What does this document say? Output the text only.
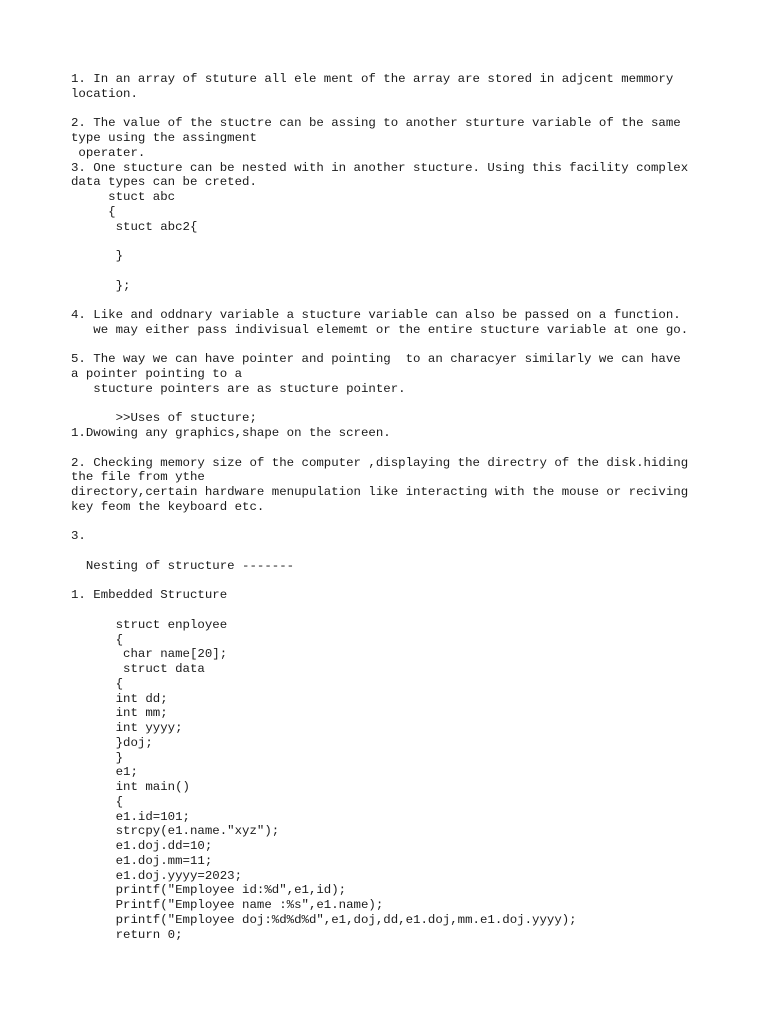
1. In an array of stuture all ele ment of the array are stored in adjcent memmory
location.
2. The value of the stuctre can be assing to another sturture variable of the same
type using the assingment
operater.
3. One stucture can be nested with in another stucture. Using this facility complex
data types can be creted.
stuct abc
{
stuct abc2{
}
};
4. Like and oddnary variable a stucture variable can also be passed on a function.
we may either pass indivisual elememt or the entire stucture variable at one go.
5. The way we can have pointer and pointing  to an characyer similarly we can have
a pointer pointing to a
stucture pointers are as stucture pointer.
>>Uses of stucture;
1.Dwowing any graphics,shape on the screen.
2. Checking memory size of the computer ,displaying the directry of the disk.hiding
the file from ythe
directory,certain hardware menupulation like interacting with the mouse or reciving
key feom the keyboard etc.
3.
Nesting of structure -------
1. Embedded Structure
struct enployee
{
char name[20];
struct data
{
int dd;
int mm;
int yyyy;
}doj;
}
e1;
int main()
{
e1.id=101;
strcpy(e1.name."xyz");
e1.doj.dd=10;
e1.doj.mm=11;
e1.doj.yyyy=2023;
printf("Employee id:%d",e1,id);
Printf("Employee name :%s",e1.name);
printf("Employee doj:%d%d%d",e1,doj,dd,e1.doj,mm.e1.doj.yyyy);
return 0;
